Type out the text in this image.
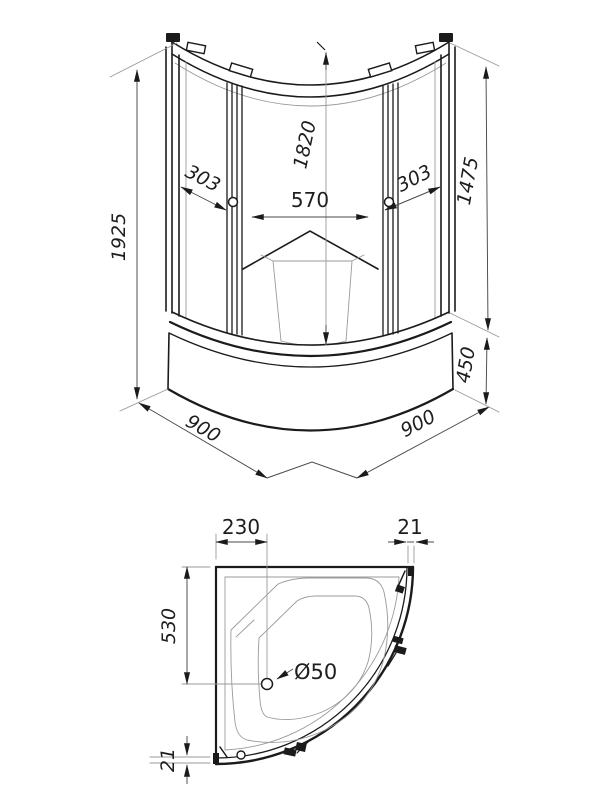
1820
570
303	303
1925
900	900
1475
450
Ø50
230	21
530
21
